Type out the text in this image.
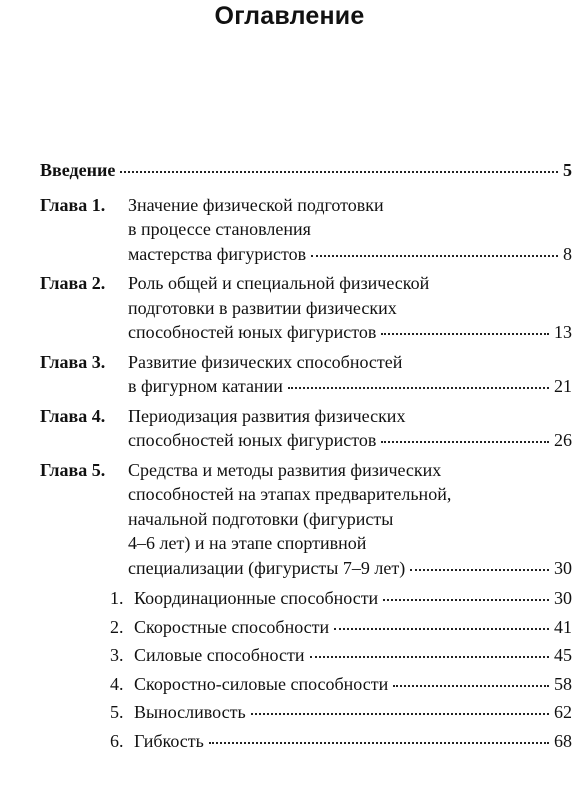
Оглавление
Введение	5
Глава 1.	Значение физической подготовки
в процессе становления
мастерства фигуристов	8
Глава 2.	Роль общей и специальной физической
подготовки в развитии физических
способностей юных фигуристов	13
Глава 3.	Развитие физических способностей
в фигурном катании	21
Глава 4.	Периодизация развития физических
способностей юных фигуристов	26
Глава 5.	Средства и методы развития физических
способностей на этапах предварительной,
начальной подготовки (фигуристы
4–6 лет) и на этапе спортивной
специализации (фигуристы 7–9 лет)	30
1. Координационные способности	30
2. Скоростные способности	41
3. Силовые способности	45
4. Скоростно-силовые способности	58
5. Выносливость	62
6. Гибкость	68
